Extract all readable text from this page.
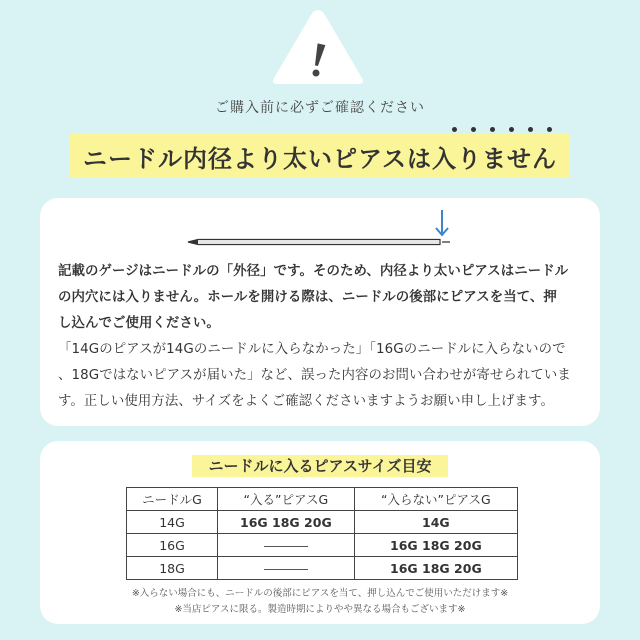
ご購入前に必ずご確認ください
ニードル内径より太いピアスは入りません

記載のゲージはニードルの「外径」です。そのため、内径より太いピアスはニードル

の内穴には入りません。ホールを開ける際は、ニードルの後部にピアスを当て、押

し込んでご使用ください。

「14Gのピアスが14Gのニードルに入らなかった」「16Gのニードルに入らないので

、18Gではないピアスが届いた」など、誤った内容のお問い合わせが寄せられていま

す。正しい使用方法、サイズをよくご確認くださいますようお願い申し上げます。

ニードルに入るピアスサイズ目安
ニードルG	“入る”ピアスG	“入らない”ピアスG
14G	16G 18G 20G	14G
16G		16G 18G 20G
18G		16G 18G 20G
※入らない場合にも、ニードルの後部にピアスを当て、押し込んでご使用いただけます※
※当店ピアスに限る。製造時期によりやや異なる場合もございます※
